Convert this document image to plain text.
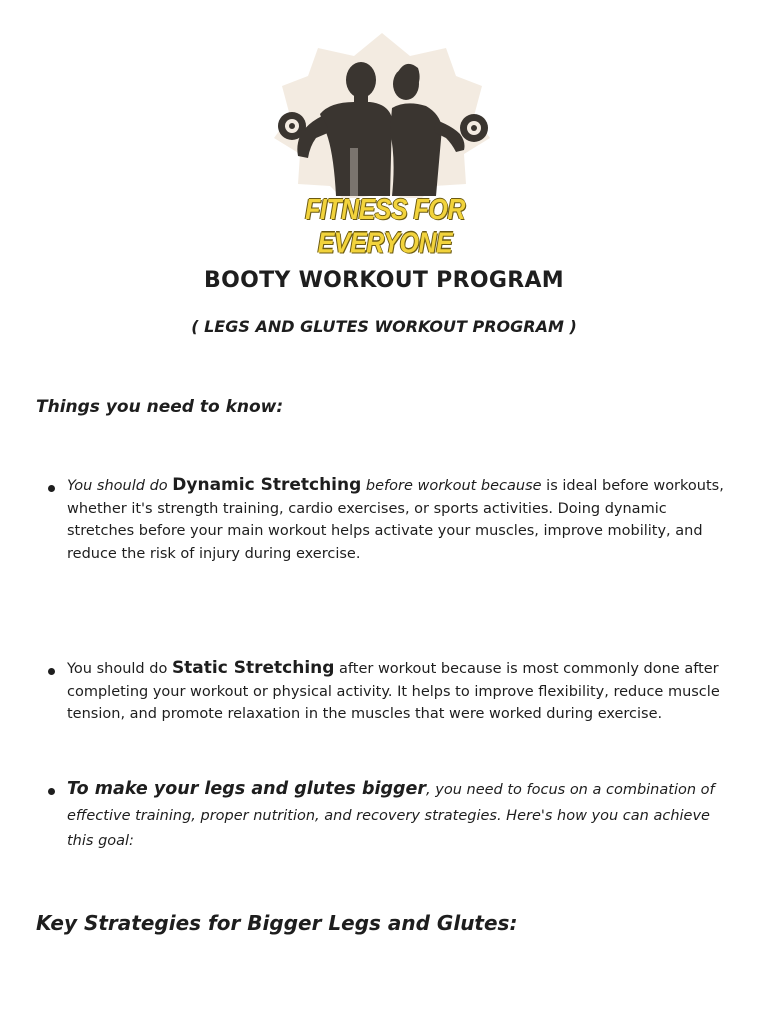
FITNESS FOR EVERYONE
BOOTY WORKOUT PROGRAM
( LEGS AND GLUTES WORKOUT PROGRAM )
Things you need to know:
You should do Dynamic Stretching before workout because is ideal before workouts, whether it's strength training, cardio exercises, or sports activities. Doing dynamic stretches before your main workout helps activate your muscles, improve mobility, and reduce the risk of injury during exercise.
You should do Static Stretching after workout because is most commonly done after completing your workout or physical activity. It helps to improve flexibility, reduce muscle tension, and promote relaxation in the muscles that were worked during exercise.
To make your legs and glutes bigger, you need to focus on a combination of effective training, proper nutrition, and recovery strategies. Here's how you can achieve this goal:
Key Strategies for Bigger Legs and Glutes:
